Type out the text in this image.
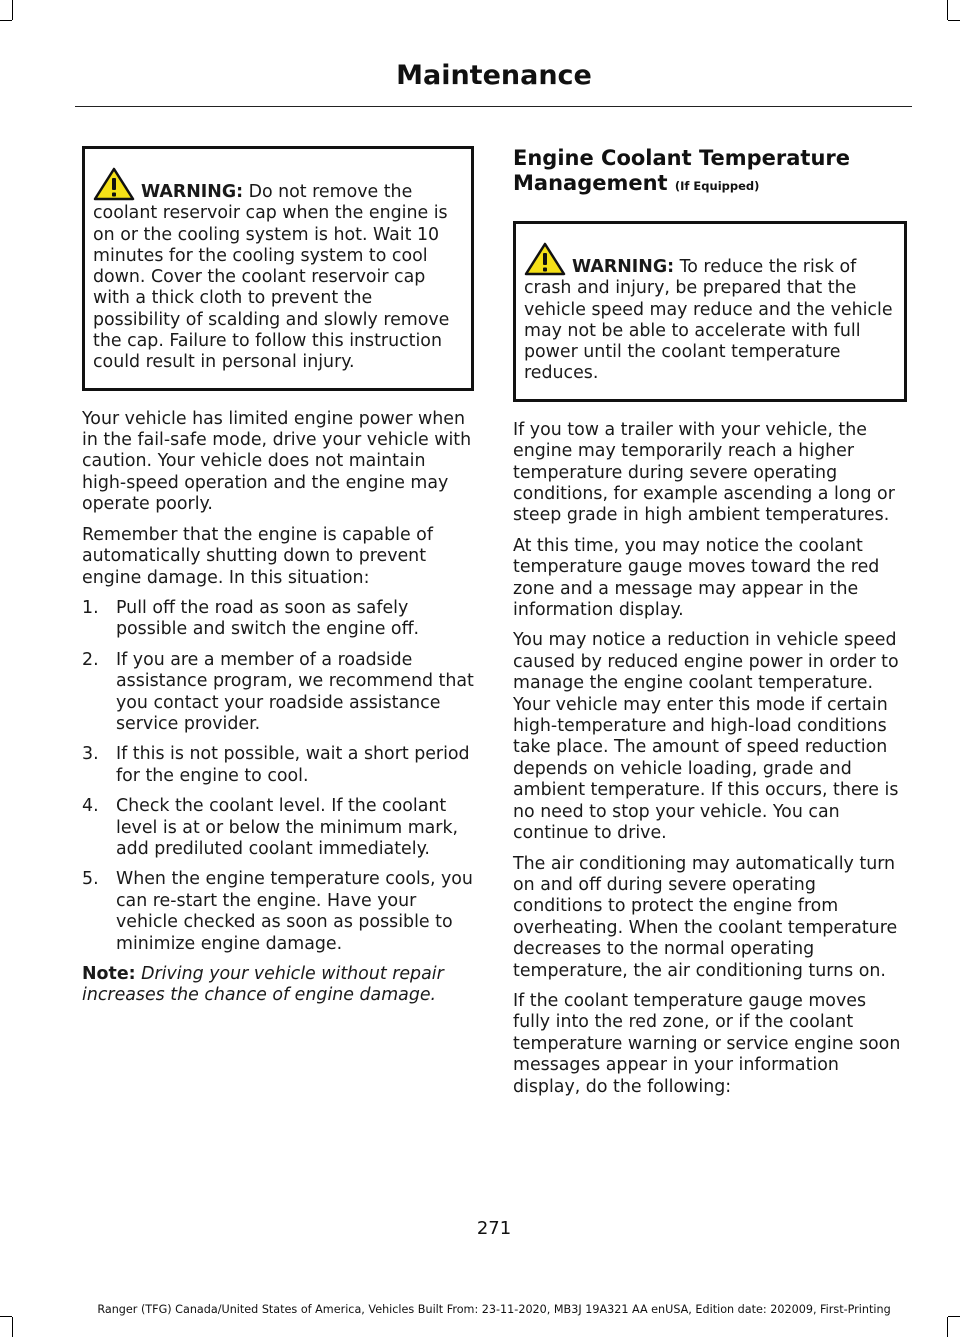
Maintenance
WARNING: Do not remove the coolant reservoir cap when the engine is on or the cooling system is hot. Wait 10 minutes for the cooling system to cool down. Cover the coolant reservoir cap with a thick cloth to prevent the possibility of scalding and slowly remove the cap. Failure to follow this instruction could result in personal injury.

Your vehicle has limited engine power when in the fail-safe mode, drive your vehicle with caution. Your vehicle does not maintain high-speed operation and the engine may operate poorly.

Remember that the engine is capable of automatically shutting down to prevent engine damage. In this situation:

1. Pull off the road as soon as safely possible and switch the engine off.
2. If you are a member of a roadside assistance program, we recommend that you contact your roadside assistance service provider.
3. If this is not possible, wait a short period for the engine to cool.
4. Check the coolant level. If the coolant level is at or below the minimum mark, add prediluted coolant immediately.
5. When the engine temperature cools, you can re-start the engine. Have your vehicle checked as soon as possible to minimize engine damage.

Note: Driving your vehicle without repair increases the chance of engine damage.

Engine Coolant Temperature
Management (If Equipped)
WARNING: To reduce the risk of crash and injury, be prepared that the vehicle speed may reduce and the vehicle may not be able to accelerate with full power until the coolant temperature reduces.

If you tow a trailer with your vehicle, the engine may temporarily reach a higher temperature during severe operating conditions, for example ascending a long or steep grade in high ambient temperatures.

At this time, you may notice the coolant temperature gauge moves toward the red zone and a message may appear in the information display.

You may notice a reduction in vehicle speed caused by reduced engine power in order to manage the engine coolant temperature. Your vehicle may enter this mode if certain high-temperature and high-load conditions take place. The amount of speed reduction depends on vehicle loading, grade and ambient temperature. If this occurs, there is no need to stop your vehicle. You can continue to drive.

The air conditioning may automatically turn on and off during severe operating conditions to protect the engine from overheating. When the coolant temperature decreases to the normal operating temperature, the air conditioning turns on.

If the coolant temperature gauge moves fully into the red zone, or if the coolant temperature warning or service engine soon messages appear in your information display, do the following:

271
Ranger (TFG) Canada/United States of America, Vehicles Built From: 23-11-2020, MB3J 19A321 AA enUSA, Edition date: 202009, First-Printing
